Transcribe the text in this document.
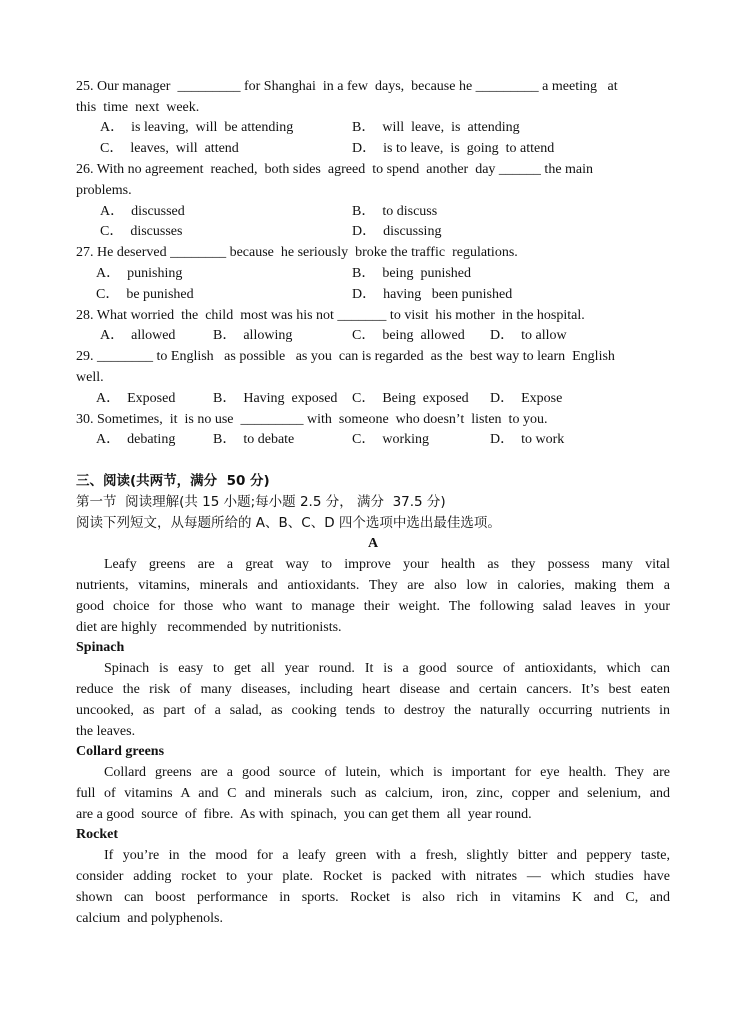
25. Our manager  _________ for Shanghai  in a few  days,  because he _________ a meeting   at
this  time  next  week.
A．  is leaving,  will  be attending	B．  will  leave,  is  attending
C．  leaves,  will  attend	D．  is to leave,  is  going  to attend
26. With no agreement  reached,  both sides  agreed  to spend  another  day ______ the main
problems.
A．  discussed	B．  to discuss
C．  discusses	D．  discussing
27. He deserved ________ because  he seriously  broke the traffic  regulations.
A．  punishing	B．  being  punished
C．  be punished	D．  having   been punished
28. What worried  the  child  most was his not _______ to visit  his mother  in the hospital.
A．  allowed	B．  allowing	C．  being  allowed D．  to allow
29. ________ to English   as possible   as you  can is regarded  as the  best way to learn  English
well.
A．  Exposed	B．  Having  exposed C．  Being  exposed D．  Expose
30. Sometimes,  it  is no use  _________ with  someone  who doesn’t  listen  to you.
A．  debating	B．  to debate	C．  working	D．  to work
三、阅读(共两节，满分  50 分)
第一节  阅读理解(共 15 小题;每小题 2.5 分， 满分  37.5 分)
阅读下列短文，从每题所给的 A、B、C、D 四个选项中选出最佳选项。
A
Leafy greens are a great way to improve your health as they possess many vital
nutrients, vitamins, minerals and antioxidants. They are also low in calories, making them a
good choice for those who want to manage their weight. The following salad leaves in your
diet are highly   recommended  by nutritionists.
Spinach
Spinach is easy to get all year round. It is a good source of antioxidants, which can
reduce the risk of many diseases, including heart disease and certain cancers. It’s best eaten
uncooked, as part of a salad, as cooking tends to destroy the naturally occurring nutrients in
the leaves.
Collard greens
Collard greens are a good source of lutein, which is important for eye health. They are
full of vitamins A and C and minerals such as calcium, iron, zinc, copper and selenium, and
are a good  source  of  fibre.  As with  spinach,  you can get them  all  year round.
Rocket
If you’re in the mood for a leafy green with a fresh, slightly bitter and peppery taste,
consider adding rocket to your plate. Rocket is packed with nitrates — which studies have
shown can boost performance in sports. Rocket is also rich in vitamins K and C, and
calcium  and polyphenols.
